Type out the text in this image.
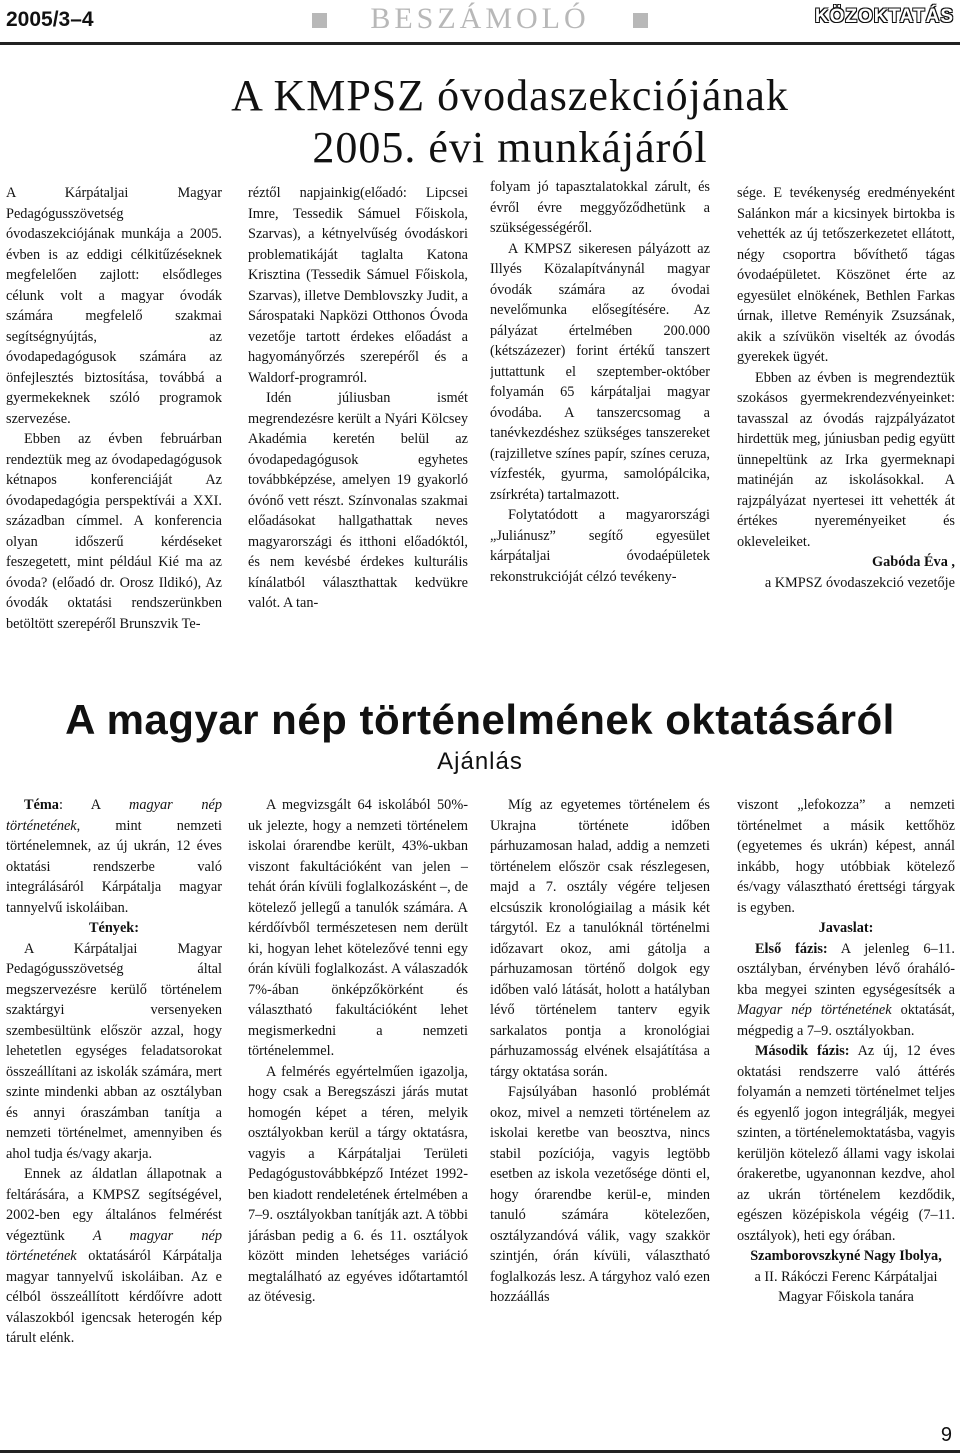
2005/3–4	BESZÁMOLÓ	KÖZOKTATÁS
A KMPSZ óvodaszekciójának
2005. évi munkájáról

A Kárpátaljai Magyar Pedagógusszövetség óvodaszekciójának munkája a 2005. évben is az eddigi célkitűzéseknek megfelelően zajlott: elsődleges célunk volt a magyar óvodák számára megfelelő szakmai segítségnyújtás, az óvodapedagógusok számára az önfejlesztés biztosítása, továbbá a gyermekeknek szóló programok szervezése.

Ebben az évben februárban rendeztük meg az óvodapedagógusok kétnapos konferenciáját Az óvodapedagógia perspektívái a XXI. században címmel. A konferencia olyan időszerű kérdéseket feszegetett, mint például Kié ma az óvoda? (előadó dr. Orosz Ildikó), Az óvodák oktatási rendszerünkben betöltött szerepéről Brunszvik Te-

réztől napjainkig(előadó: Lipcsei Imre, Tessedik Sámuel Főiskola, Szarvas), a kétnyelvűség óvodáskori problematikáját taglalta Katona Krisztina (Tessedik Sámuel Főiskola, Szarvas), illetve Demblovszky Judit, a Sárospataki Napközi Otthonos Óvoda vezetője tartott érdekes előadást a hagyományőrzés szerepéről és a Waldorf-programról.

Idén júliusban ismét megrendezésre került a Nyári Kölcsey Akadémia keretén belül az óvodapedagógusok egyhetes továbbképzése, amelyen 19 gyakorló óvónő vett részt. Színvonalas szakmai előadásokat hallgathattak neves magyarországi és itthoni előadóktól, és nem kevésbé érdekes kulturális kínálatból választhattak kedvükre valót. A tan-

folyam jó tapasztalatokkal zárult, és évről évre meggyőződhetünk a szükségességéről.

A KMPSZ sikeresen pályázott az Illyés Közalapítványnál magyar óvodák számára az óvodai nevelőmunka elősegítésére. Az pályázat értelmében 200.000 (kétszázezer) forint értékű tanszert juttattunk el szeptember-október folyamán 65 kárpátaljai magyar óvodába. A tanszercsomag a tanévkezdéshez szükséges tanszereket (rajzilletve színes papír, színes ceruza, vízfesték, gyurma, samolópálcika, zsírkréta) tartalmazott.

Folytatódott a magyarországi „Juliánusz” segítő egyesület kárpátaljai óvodaépületek rekonstrukcióját célzó tevékeny-

sége. E tevékenység eredményeként Salánkon már a kicsinyek birtokba is vehették az új tetőszerkezetet ellátott, négy csoportra bővíthető tágas óvodaépületet. Köszönet érte az egyesület elnökének, Bethlen Farkas úrnak, illetve Reményik Zsuzsának, akik a szívükön viselték az óvodás gyerekek ügyét.

Ebben az évben is megrendeztük szokásos gyermekrendezvényeinket: tavasszal az óvodás rajzpályázatot hirdettük meg, júniusban pedig együtt ünnepeltünk az Irka gyermeknapi matinéján az iskolásokkal. A rajzpályázat nyertesei itt vehették át értékes nyereményeiket és okleveleiket.

Gabóda Éva ,

a KMPSZ óvodaszekció vezetője

A magyar nép történelmének oktatásáról
Ajánlás

Téma: A magyar nép történetének, mint nemzeti történelemnek, az új ukrán, 12 éves oktatási rendszerbe való integrálásáról Kárpátalja magyar tannyelvű iskoláiban.

Tények:

A Kárpátaljai Magyar Pedagógusszövetség által megszervezésre kerülő történelem szaktárgyi versenyeken szembesültünk először azzal, hogy lehetetlen egységes feladatsorokat összeállítani az iskolák számára, mert szinte mindenki abban az osztályban és annyi óraszámban tanítja a nemzeti történelmet, amennyiben és ahol tudja és/vagy akarja.

Ennek az áldatlan állapotnak a feltárására, a KMPSZ segítségével, 2002-ben egy általános felmérést végeztünk A magyar nép történetének oktatásáról Kárpátalja magyar tannyelvű iskoláiban. Az e célból összeállított kérdőívre adott válaszokból igencsak heterogén kép tárult elénk.

A megvizsgált 64 iskolából 50%-uk jelezte, hogy a nemzeti történelem iskolai órarendbe került, 43%-ukban viszont fakultációként van jelen – tehát órán kívüli foglalkozásként –, de kötelező jellegű a tanulók számára. A kérdőívből természetesen nem derült ki, hogyan lehet kötelezővé tenni egy órán kívüli foglalkozást. A válaszadók 7%-ában önképzőkörként és választható fakultációként lehet megismerkedni a nemzeti történelemmel.

A felmérés egyértelműen igazolja, hogy csak a Beregszászi járás mutat homogén képet a téren, melyik osztályokban kerül a tárgy oktatásra, vagyis a Kárpátaljai Területi Pedagógustovábbképző Intézet 1992-ben kiadott rendeletének értelmében a 7–9. osztályokban tanítják azt. A többi járásban pedig a 6. és 11. osztályok között minden lehetséges variáció megtalálható az egyéves időtartamtól az ötévesig.

Míg az egyetemes történelem és Ukrajna története időben párhuzamosan halad, addig a nemzeti történelem először csak részlegesen, majd a 7. osztály végére teljesen elcsúszik kronológiailag a másik két tárgytól. Ez a tanulóknál történelmi időzavart okoz, ami gátolja a párhuzamosan történő dolgok egy időben való látását, holott a hatályban lévő történelem tanterv egyik sarkalatos pontja a kronológiai párhuzamosság elvének elsajátítása a tárgy oktatása során.

Fajsúlyában hasonló problémát okoz, mivel a nemzeti történelem az iskolai keretbe van beosztva, nincs stabil pozíciója, vagyis legtöbb esetben az iskola vezetősége dönti el, hogy órarendbe kerül-e, minden tanuló számára kötelezően, osztályzandóvá válik, vagy szakkör szintjén, órán kívüli, választható foglalkozás lesz. A tárgyhoz való ezen hozzáállás

viszont „lefokozza” a nemzeti történelmet a másik kettőhöz (egyetemes és ukrán) képest, annál inkább, hogy utóbbiak kötelező és/vagy választható érettségi tárgyak is egyben.

Javaslat:

Első fázis: A jelenleg 6–11. osztályban, érvényben lévő órahálókba megyei szinten egységesítsék a Magyar nép történetének oktatását, mégpedig a 7–9. osztályokban.

Második fázis: Az új, 12 éves oktatási rendszerre való áttérés folyamán a nemzeti történelmet teljes és egyenlő jogon integrálják, megyei szinten, a történelemoktatásba, vagyis kerüljön kötelező állami vagy iskolai órakeretbe, ugyanonnan kezdve, ahol az ukrán történelem kezdődik, egészen középiskola végéig (7–11. osztályok), heti egy órában.

Szamborovszkyné Nagy Ibolya,

a II. Rákóczi Ferenc Kárpátaljai Magyar Főiskola tanára

9
